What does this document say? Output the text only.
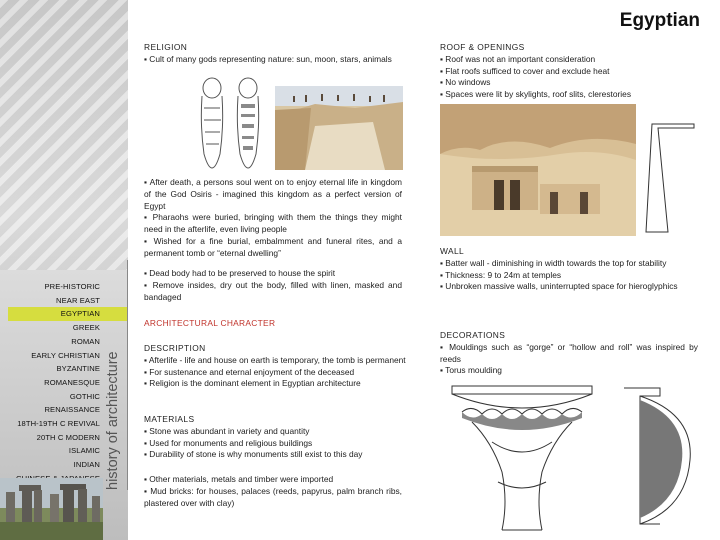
PRE-HISTORIC
NEAR EAST
EGYPTIAN
GREEK
ROMAN
EARLY CHRISTIAN
BYZANTINE
ROMANESQUE
GOTHIC
RENAISSANCE
18TH-19TH C REVIVAL
20TH C MODERN
ISLAMIC
INDIAN history of architecture
Egyptian

RELIGION

▪ Cult of many gods representing nature: sun, moon, stars, animals

▪ After death, a persons soul went on to enjoy eternal life in kingdom of the God Osiris - imagined this kingdom as a perfect version of Egypt

▪ Pharaohs were buried, bringing with them the things they might need in the afterlife, even living people

▪ Wished for a fine burial, embalmment and funeral rites, and a permanent tomb or “eternal dwelling”

▪ Dead body had to be preserved to house the spirit

▪ Remove insides, dry out the body, filled with linen, masked and bandaged

ARCHITECTURAL CHARACTER

DESCRIPTION

▪ Afterlife - life and house on earth is temporary, the tomb is permanent

▪ For sustenance and eternal enjoyment of the deceased

▪ Religion is the dominant element in Egyptian architecture

MATERIALS

▪ Stone was abundant in variety and quantity

▪ Used for monuments and religious buildings

▪ Durability of stone is why monuments still exist to this day

▪ Other materials, metals and timber were imported

▪ Mud bricks: for houses, palaces (reeds, papyrus, palm branch ribs, plastered over with clay)

ROOF & OPENINGS

▪ Roof was not an important consideration

▪ Flat roofs sufficed to cover and exclude heat

▪ No windows

▪ Spaces were lit by skylights, roof slits, clerestories

WALL

▪ Batter wall - diminishing in width towards the top for stability

▪ Thickness: 9 to 24m at temples

▪ Unbroken massive walls, uninterrupted space for hieroglyphics

DECORATIONS

▪ Mouldings such as “gorge” or “hollow and roll” was inspired by reeds

▪ Torus moulding
